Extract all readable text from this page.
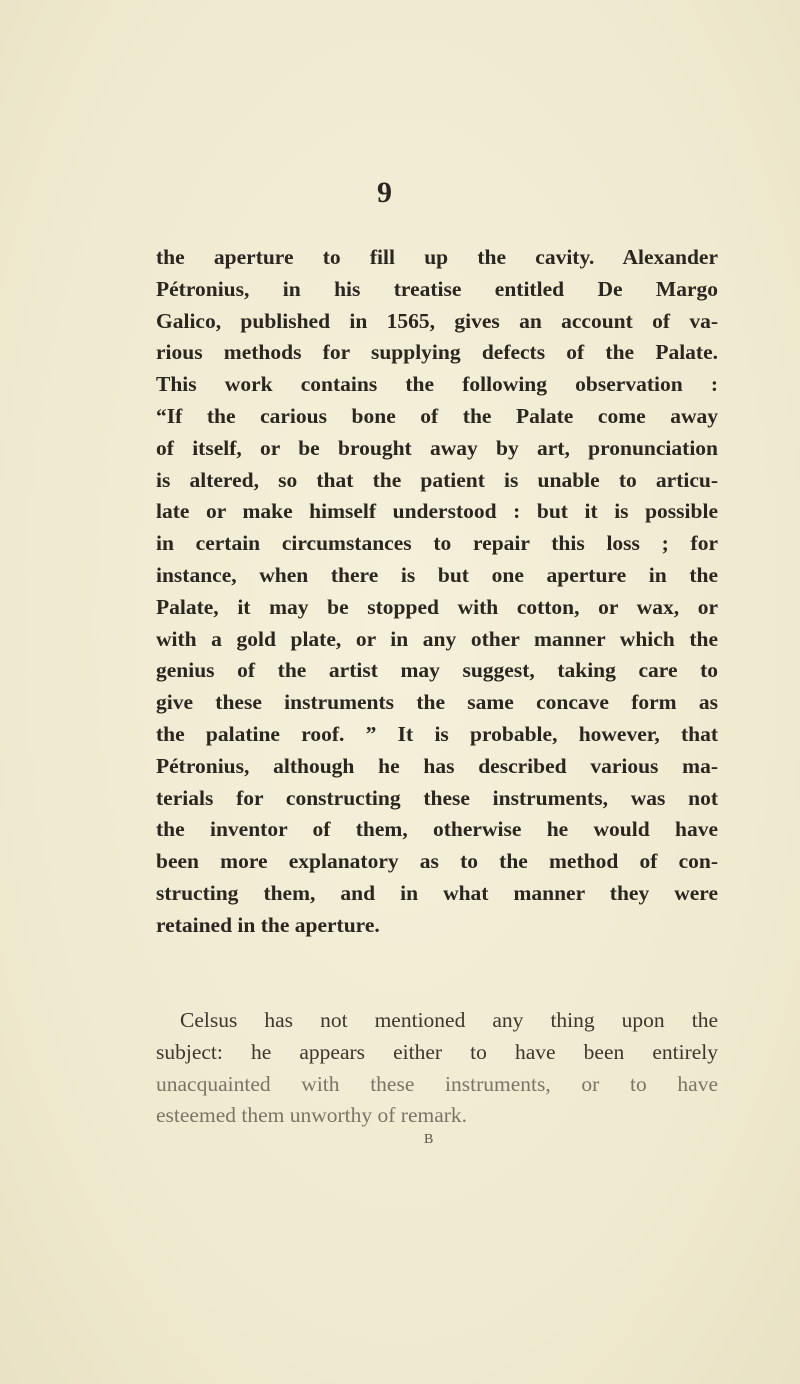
9
the aperture to fill up the cavity. Alexander
Pétronius, in his treatise entitled De Margo
Galico, published in 1565, gives an account of va-
rious methods for supplying defects of the Palate.
This work contains the following observation :
“If the carious bone of the Palate come away
of itself, or be brought away by art, pronunciation
is altered, so that the patient is unable to articu-
late or make himself understood : but it is possible
in certain circumstances to repair this loss ; for
instance, when there is but one aperture in the
Palate, it may be stopped with cotton, or wax, or
with a gold plate, or in any other manner which the
genius of the artist may suggest, taking care to
give these instruments the same concave form as
the palatine roof. ” It is probable, however, that
Pétronius, although he has described various ma-
terials for constructing these instruments, was not
the inventor of them, otherwise he would have
been more explanatory as to the method of con-
structing them, and in what manner they were
retained in the aperture.
Celsus has not mentioned any thing upon the
subject: he appears either to have been entirely
unacquainted with these instruments, or to have
esteemed them unworthy of remark.
B
